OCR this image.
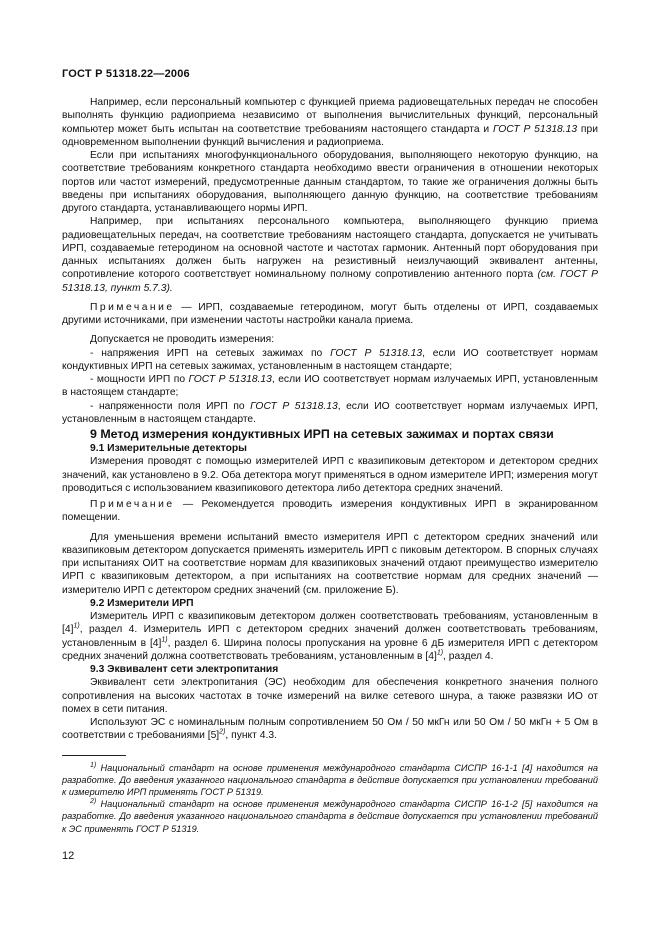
ГОСТ Р 51318.22—2006

Например, если персональный компьютер с функцией приема радиовещательных передач не способен выполнять функцию радиоприема независимо от выполнения вычислительных функций, персональный компьютер может быть испытан на соответствие требованиям настоящего стандарта и ГОСТ Р 51318.13 при одновременном выполнении функций вычисления и радиоприема.

Если при испытаниях многофункционального оборудования, выполняющего некоторую функцию, на соответствие требованиям конкретного стандарта необходимо ввести ограничения в отношении некоторых портов или частот измерений, предусмотренные данным стандартом, то такие же ограничения должны быть введены при испытаниях оборудования, выполняющего данную функцию, на соответствие требованиям другого стандарта, устанавливающего нормы ИРП.

Например, при испытаниях персонального компьютера, выполняющего функцию приема радиовещательных передач, на соответствие требованиям настоящего стандарта, допускается не учитывать ИРП, создаваемые гетеродином на основной частоте и частотах гармоник. Антенный порт оборудования при данных испытаниях должен быть нагружен на резистивный неизлучающий эквивалент антенны, сопротивление которого соответствует номинальному полному сопротивлению антенного порта (см. ГОСТ Р 51318.13, пункт 5.7.3).

Примечание — ИРП, создаваемые гетеродином, могут быть отделены от ИРП, создаваемых другими источниками, при изменении частоты настройки канала приема.

Допускается не проводить измерения:

- напряжения ИРП на сетевых зажимах по ГОСТ Р 51318.13, если ИО соответствует нормам кондуктивных ИРП на сетевых зажимах, установленным в настоящем стандарте;

- мощности ИРП по ГОСТ Р 51318.13, если ИО соответствует нормам излучаемых ИРП, установленным в настоящем стандарте;

- напряженности поля ИРП по ГОСТ Р 51318.13, если ИО соответствует нормам излучаемых ИРП, установленным в настоящем стандарте.

9 Метод измерения кондуктивных ИРП на сетевых зажимах и портах связи

9.1 Измерительные детекторы

Измерения проводят с помощью измерителей ИРП с квазипиковым детектором и детектором средних значений, как установлено в 9.2. Оба детектора могут применяться в одном измерителе ИРП; измерения могут проводиться с использованием квазипикового детектора либо детектора средних значений.

Примечание — Рекомендуется проводить измерения кондуктивных ИРП в экранированном помещении.

Для уменьшения времени испытаний вместо измерителя ИРП с детектором средних значений или квазипиковым детектором допускается применять измеритель ИРП с пиковым детектором. В спорных случаях при испытаниях ОИТ на соответствие нормам для квазипиковых значений отдают преимущество измерителю ИРП с квазипиковым детектором, а при испытаниях на соответствие нормам для средних значений — измерителю ИРП с детектором средних значений (см. приложение Б).

9.2 Измерители ИРП

Измеритель ИРП с квазипиковым детектором должен соответствовать требованиям, установленным в $[4]^{1)}$, раздел 4. Измеритель ИРП с детектором средних значений должен соответствовать требованиям, установленным в $[4]^{1)}$, раздел 6. Ширина полосы пропускания на уровне 6 дБ измерителя ИРП с детектором средних значений должна соответствовать требованиям, установленным в $[4]^{1)}$, раздел 4.

9.3 Эквивалент сети электропитания

Эквивалент сети электропитания (ЭС) необходим для обеспечения конкретного значения полного сопротивления на высоких частотах в точке измерений на вилке сетевого шнура, а также развязки ИО от помех в сети питания.

Используют ЭС с номинальным полным сопротивлением 50 Ом / 50 мкГн или 50 Ом / 50 мкГн + 5 Ом в соответствии с требованиями $[5]^{2)}$, пункт 4.3.

$^{1)}$ Национальный стандарт на основе применения международного стандарта СИСПР 16-1-1 [4] находится на разработке. До введения указанного национального стандарта в действие допускается при установлении требований к измерителю ИРП применять ГОСТ Р 51319.

$^{2)}$ Национальный стандарт на основе применения международного стандарта СИСПР 16-1-2 [5] находится на разработке. До введения указанного национального стандарта в действие допускается при установлении требований к ЭС применять ГОСТ Р 51319.

12
